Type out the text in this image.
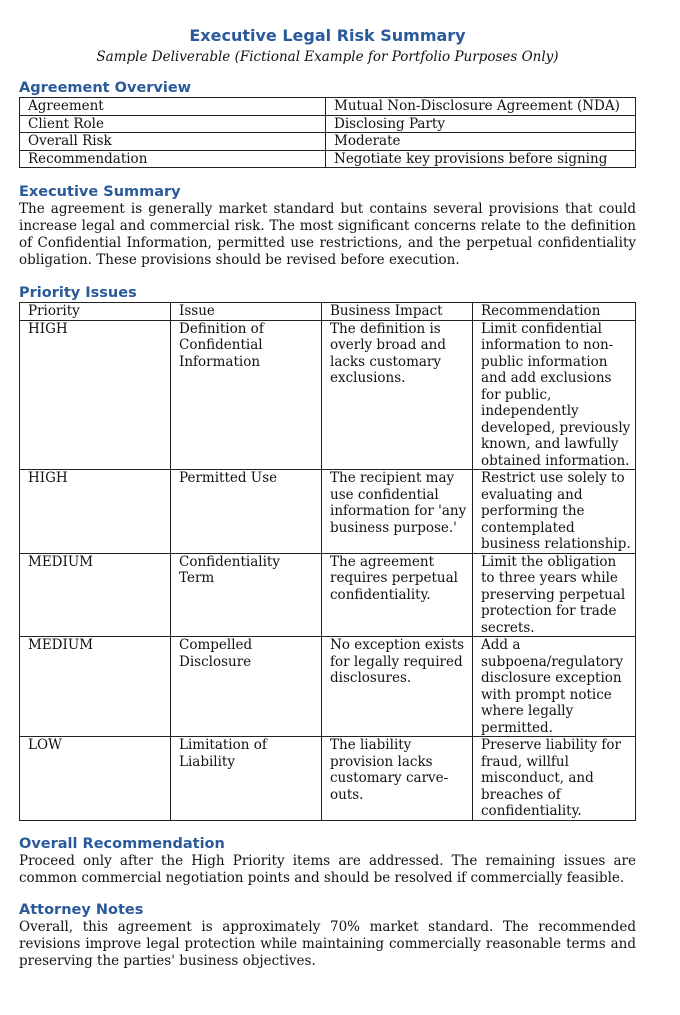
Executive Legal Risk Summary
Sample Deliverable (Fictional Example for Portfolio Purposes Only)
Agreement Overview
Agreement	Mutual Non-Disclosure Agreement (NDA)
Client Role	Disclosing Party
Overall Risk	Moderate
Recommendation	Negotiate key provisions before signing
Executive Summary

The agreement is generally market standard but contains several provisions that could increase legal and commercial risk. The most significant concerns relate to the definition of Confidential Information, permitted use restrictions, and the perpetual confidentiality obligation. These provisions should be revised before execution.

Priority Issues
Priority	Issue	Business Impact	Recommendation
HIGH	Definition of Confidential Information	The definition is overly broad and lacks customary exclusions.	Limit confidential information to non-public information and add exclusions for public, independently developed, previously known, and lawfully obtained information.
HIGH	Permitted Use	The recipient may use confidential information for 'any business purpose.'	Restrict use solely to evaluating and performing the contemplated business relationship.
MEDIUM	Confidentiality Term	The agreement requires perpetual confidentiality.	Limit the obligation to three years while preserving perpetual protection for trade secrets.
MEDIUM	Compelled Disclosure	No exception exists for legally required disclosures.	Add a subpoena/regulatory disclosure exception with prompt notice where legally permitted.
LOW	Limitation of Liability	The liability provision lacks customary carve-outs.	Preserve liability for fraud, willful misconduct, and breaches of confidentiality.
Overall Recommendation

Proceed only after the High Priority items are addressed. The remaining issues are common commercial negotiation points and should be resolved if commercially feasible.

Attorney Notes

Overall, this agreement is approximately 70% market standard. The recommended revisions improve legal protection while maintaining commercially reasonable terms and preserving the parties' business objectives.
